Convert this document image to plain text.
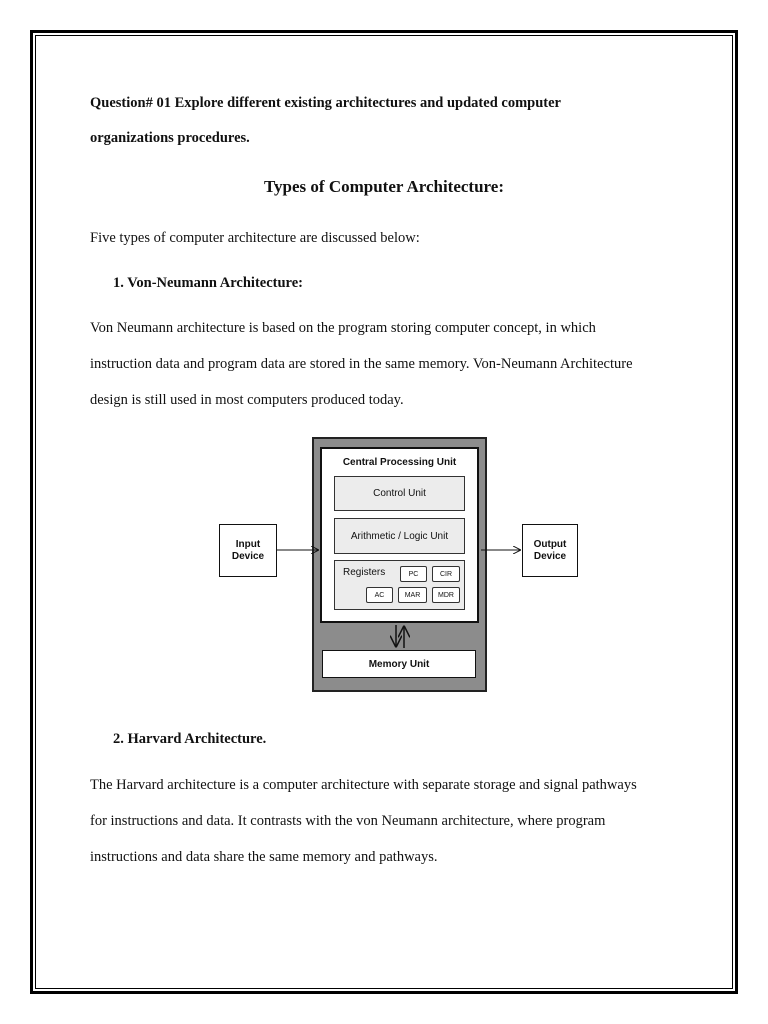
Question# 01 Explore different existing architectures and updated computer
organizations procedures.
Types of Computer Architecture:
Five types of computer architecture are discussed below:
1. Von-Neumann Architecture:
Von Neumann architecture is based on the program storing computer concept, in which
instruction data and program data are stored in the same memory. Von-Neumann Architecture
design is still used in most computers produced today.
Central Processing Unit
Control Unit
Arithmetic / Logic Unit
Registers	PC	CIR
AC	MAR	MDR
Input
Device
Output
Device
Memory Unit
2. Harvard Architecture.
The Harvard architecture is a computer architecture with separate storage and signal pathways
for instructions and data. It contrasts with the von Neumann architecture, where program
instructions and data share the same memory and pathways.
